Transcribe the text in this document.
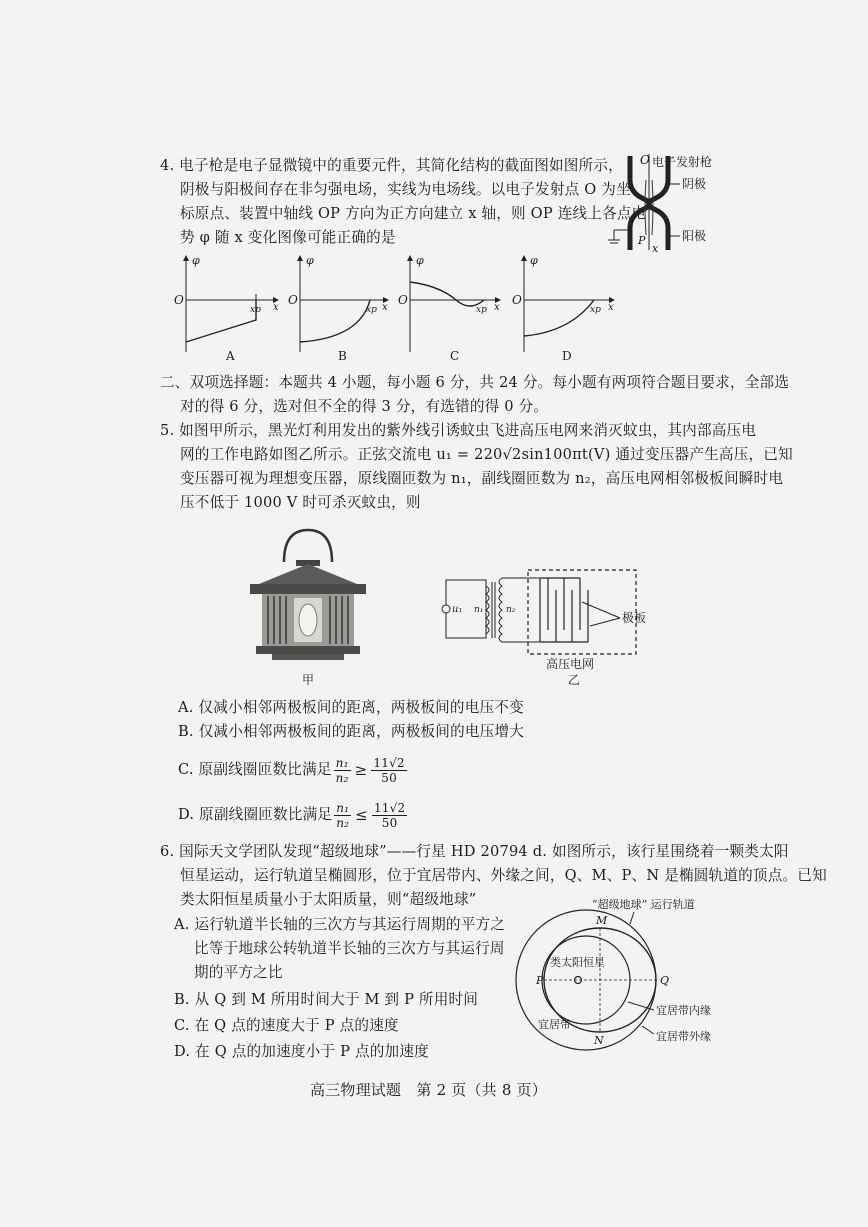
4. 电子枪是电子显微镜中的重要元件，其简化结构的截面图如图所示，
阴极与阳极间存在非匀强电场，实线为电场线。以电子发射点 O 为坐
标原点、装置中轴线 OP 方向为正方向建立 x 轴，则 OP 连线上各点电
势 φ 随 x 变化图像可能正确的是
O 电子发射枪
阴极
阳极
P
x
φ
O
x
xp
A
φ
O
x
xp
B
φ
O
x
xp
C
φ
O
x
xp
D
二、双项选择题：本题共 4 小题，每小题 6 分，共 24 分。每小题有两项符合题目要求，全部选
对的得 6 分，选对但不全的得 3 分，有选错的得 0 分。
5. 如图甲所示，黑光灯利用发出的紫外线引诱蚊虫飞进高压电网来消灭蚊虫，其内部高压电
网的工作电路如图乙所示。正弦交流电 u₁ = 220√2sin100πt(V) 通过变压器产生高压，已知
变压器可视为理想变压器，原线圈匝数为 n₁，副线圈匝数为 n₂，高压电网相邻极板间瞬时电
压不低于 1000 V 时可杀灭蚊虫，则
甲
u₁ n₁	n₂
极板
高压电网
乙
A. 仅减小相邻两极板间的距离，两极板间的电压不变
B. 仅减小相邻两极板间的距离，两极板间的电压增大
C. 原副线圈匝数比满足 $\frac{\text{n₁}}{\text{n₂}} \ge \frac{11√2}{50}$
D. 原副线圈匝数比满足 $\frac{\text{n₁}}{\text{n₂}} \le \frac{11√2}{50}$
6. 国际天文学团队发现“超级地球”——行星 HD 20794 d. 如图所示，该行星围绕着一颗类太阳
恒星运动，运行轨道呈椭圆形，位于宜居带内、外缘之间，Q、M、P、N 是椭圆轨道的顶点。已知
类太阳恒星质量小于太阳质量，则“超级地球”
A. 运行轨道半长轴的三次方与其运行周期的平方之
比等于地球公转轨道半长轴的三次方与其运行周
期的平方之比
B. 从 Q 到 M 所用时间大于 M 到 P 所用时间
C. 在 Q 点的速度大于 P 点的速度
D. 在 Q 点的加速度小于 P 点的加速度
“超级地球” 运行轨道
类太阳恒星
M
N
P	Q
宜居带
宜居带内缘
宜居带外缘
高三物理试题　第 2 页（共 8 页）
